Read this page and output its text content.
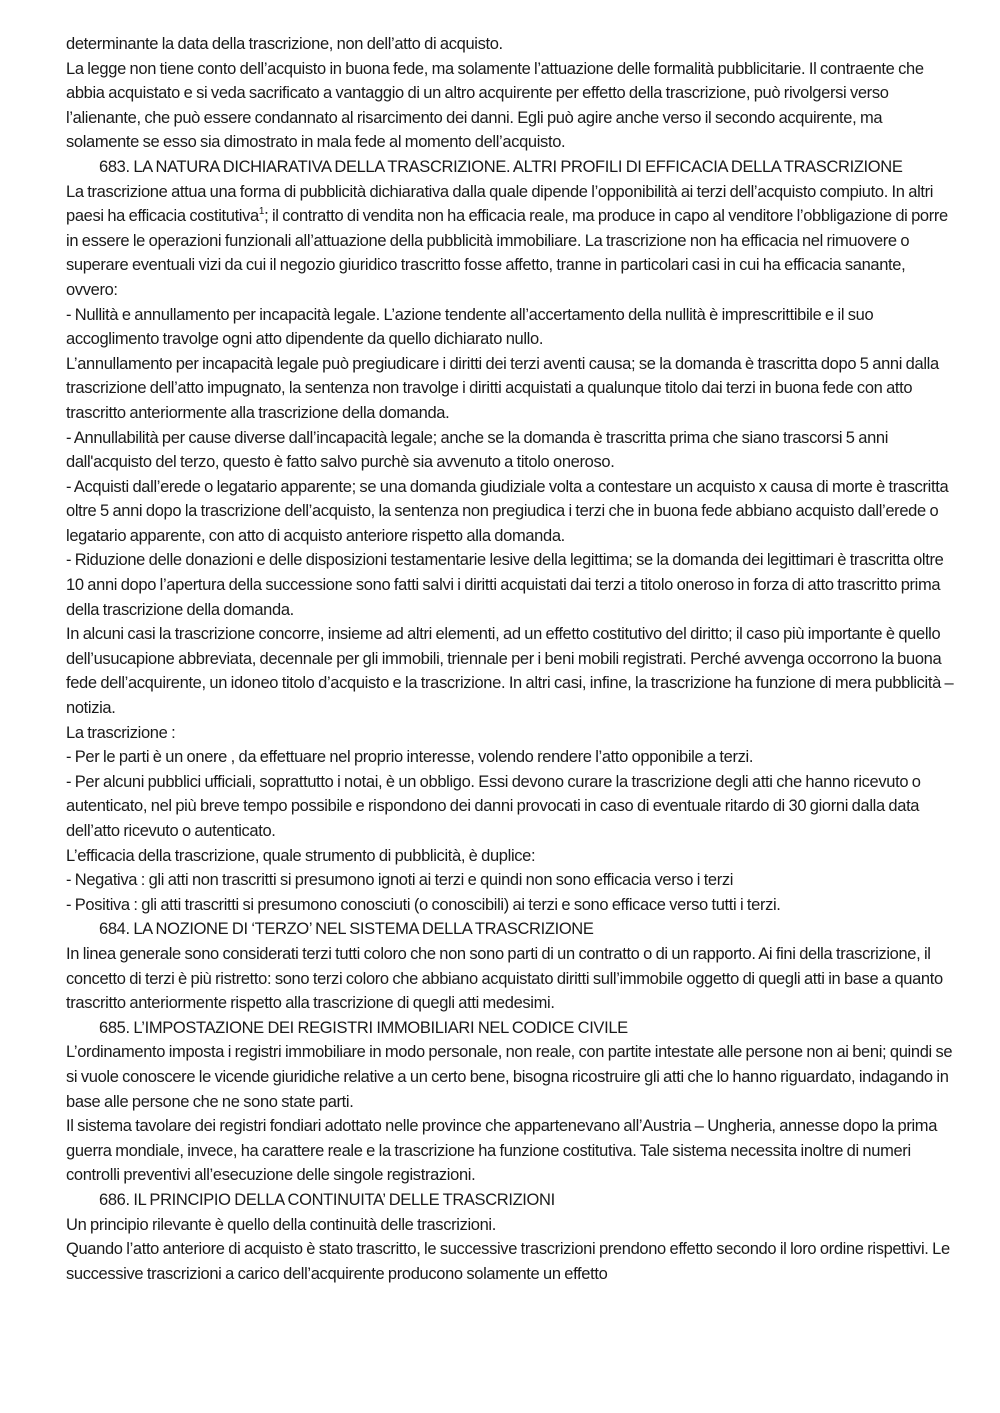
determinante la data della trascrizione, non dell’atto di acquisto.

La legge non tiene conto dell’acquisto in buona fede, ma solamente l’attuazione delle formalità pubblicitarie. Il contraente che abbia acquistato e si veda sacrificato a vantaggio di un altro acquirente per effetto della trascrizione, può rivolgersi verso l’alienante, che può essere condannato al risarcimento dei danni. Egli può agire anche verso il secondo acquirente, ma solamente se esso sia dimostrato in mala fede al momento dell’acquisto.

683. LA NATURA DICHIARATIVA DELLA TRASCRIZIONE. ALTRI PROFILI DI EFFICACIA DELLA TRASCRIZIONE

La trascrizione attua una forma di pubblicità dichiarativa dalla quale dipende l’opponibilità ai terzi dell’acquisto compiuto. In altri paesi ha efficacia costitutiva$^1$; il contratto di vendita non ha efficacia reale, ma produce in capo al venditore l’obbligazione di porre in essere le operazioni funzionali all’attuazione della pubblicità immobiliare. La trascrizione non ha efficacia nel rimuovere o superare eventuali vizi da cui il negozio giuridico trascritto fosse affetto, tranne in particolari casi in cui ha efficacia sanante, ovvero:

- Nullità e annullamento per incapacità legale. L’azione tendente all’accertamento della nullità è imprescrittibile e il suo accoglimento travolge ogni atto dipendente da quello dichiarato nullo.

L’annullamento per incapacità legale può pregiudicare i diritti dei terzi aventi causa; se la domanda è trascritta dopo 5 anni dalla trascrizione dell’atto impugnato, la sentenza non travolge i diritti acquistati a qualunque titolo dai terzi in buona fede con atto trascritto anteriormente alla trascrizione della domanda.

- Annullabilità per cause diverse dall’incapacità legale; anche se la domanda è trascritta prima che siano trascorsi 5 anni dall'acquisto del terzo, questo è fatto salvo purchè sia avvenuto a titolo oneroso.

- Acquisti dall’erede o legatario apparente; se una domanda giudiziale volta a contestare un acquisto x causa di morte è trascritta oltre 5 anni dopo la trascrizione dell’acquisto, la sentenza non pregiudica i terzi che in buona fede abbiano acquisto dall’erede o legatario apparente, con atto di acquisto anteriore rispetto alla domanda.

- Riduzione delle donazioni e delle disposizioni testamentarie lesive della legittima; se la domanda dei legittimari è trascritta oltre 10 anni dopo l’apertura della successione sono fatti salvi i diritti acquistati dai terzi a titolo oneroso in forza di atto trascritto prima della trascrizione della domanda.

In alcuni casi la trascrizione concorre, insieme ad altri elementi, ad un effetto costitutivo del diritto; il caso più importante è quello dell’usucapione abbreviata, decennale per gli immobili, triennale per i beni mobili registrati. Perché avvenga occorrono la buona fede dell’acquirente, un idoneo titolo d’acquisto e la trascrizione. In altri casi, infine, la trascrizione ha funzione di mera pubblicità – notizia.

La trascrizione :

- Per le parti è un onere , da effettuare nel proprio interesse, volendo rendere l’atto opponibile a terzi.

- Per alcuni pubblici ufficiali, soprattutto i notai, è un obbligo. Essi devono curare la trascrizione degli atti che hanno ricevuto o autenticato, nel più breve tempo possibile e rispondono dei danni provocati in caso di eventuale ritardo di 30 giorni dalla data dell’atto ricevuto o autenticato.

L’efficacia della trascrizione, quale strumento di pubblicità, è duplice:

- Negativa : gli atti non trascritti si presumono ignoti ai terzi e quindi non sono efficacia verso i terzi

- Positiva : gli atti trascritti si presumono conosciuti (o conoscibili) ai terzi e sono efficace verso tutti i terzi.

684. LA NOZIONE DI ‘TERZO’ NEL SISTEMA DELLA TRASCRIZIONE

In linea generale sono considerati terzi tutti coloro che non sono parti di un contratto o di un rapporto. Ai fini della trascrizione, il concetto di terzi è più ristretto: sono terzi coloro che abbiano acquistato diritti sull’immobile oggetto di quegli atti in base a quanto trascritto anteriormente rispetto alla trascrizione di quegli atti medesimi.

685. L’IMPOSTAZIONE DEI REGISTRI IMMOBILIARI NEL CODICE CIVILE

L’ordinamento imposta i registri immobiliare in modo personale, non reale, con partite intestate alle persone non ai beni; quindi se si vuole conoscere le vicende giuridiche relative a un certo bene, bisogna ricostruire gli atti che lo hanno riguardato, indagando in base alle persone che ne sono state parti.

Il sistema tavolare dei registri fondiari adottato nelle province che appartenevano all’Austria – Ungheria, annesse dopo la prima guerra mondiale, invece, ha carattere reale e la trascrizione ha funzione costitutiva. Tale sistema necessita inoltre di numeri controlli preventivi all’esecuzione delle singole registrazioni.

686. IL PRINCIPIO DELLA CONTINUITA’ DELLE TRASCRIZIONI

Un principio rilevante è quello della continuità delle trascrizioni.

Quando l’atto anteriore di acquisto è stato trascritto, le successive trascrizioni prendono effetto secondo il loro ordine rispettivi. Le successive trascrizioni a carico dell’acquirente producono solamente un effetto
